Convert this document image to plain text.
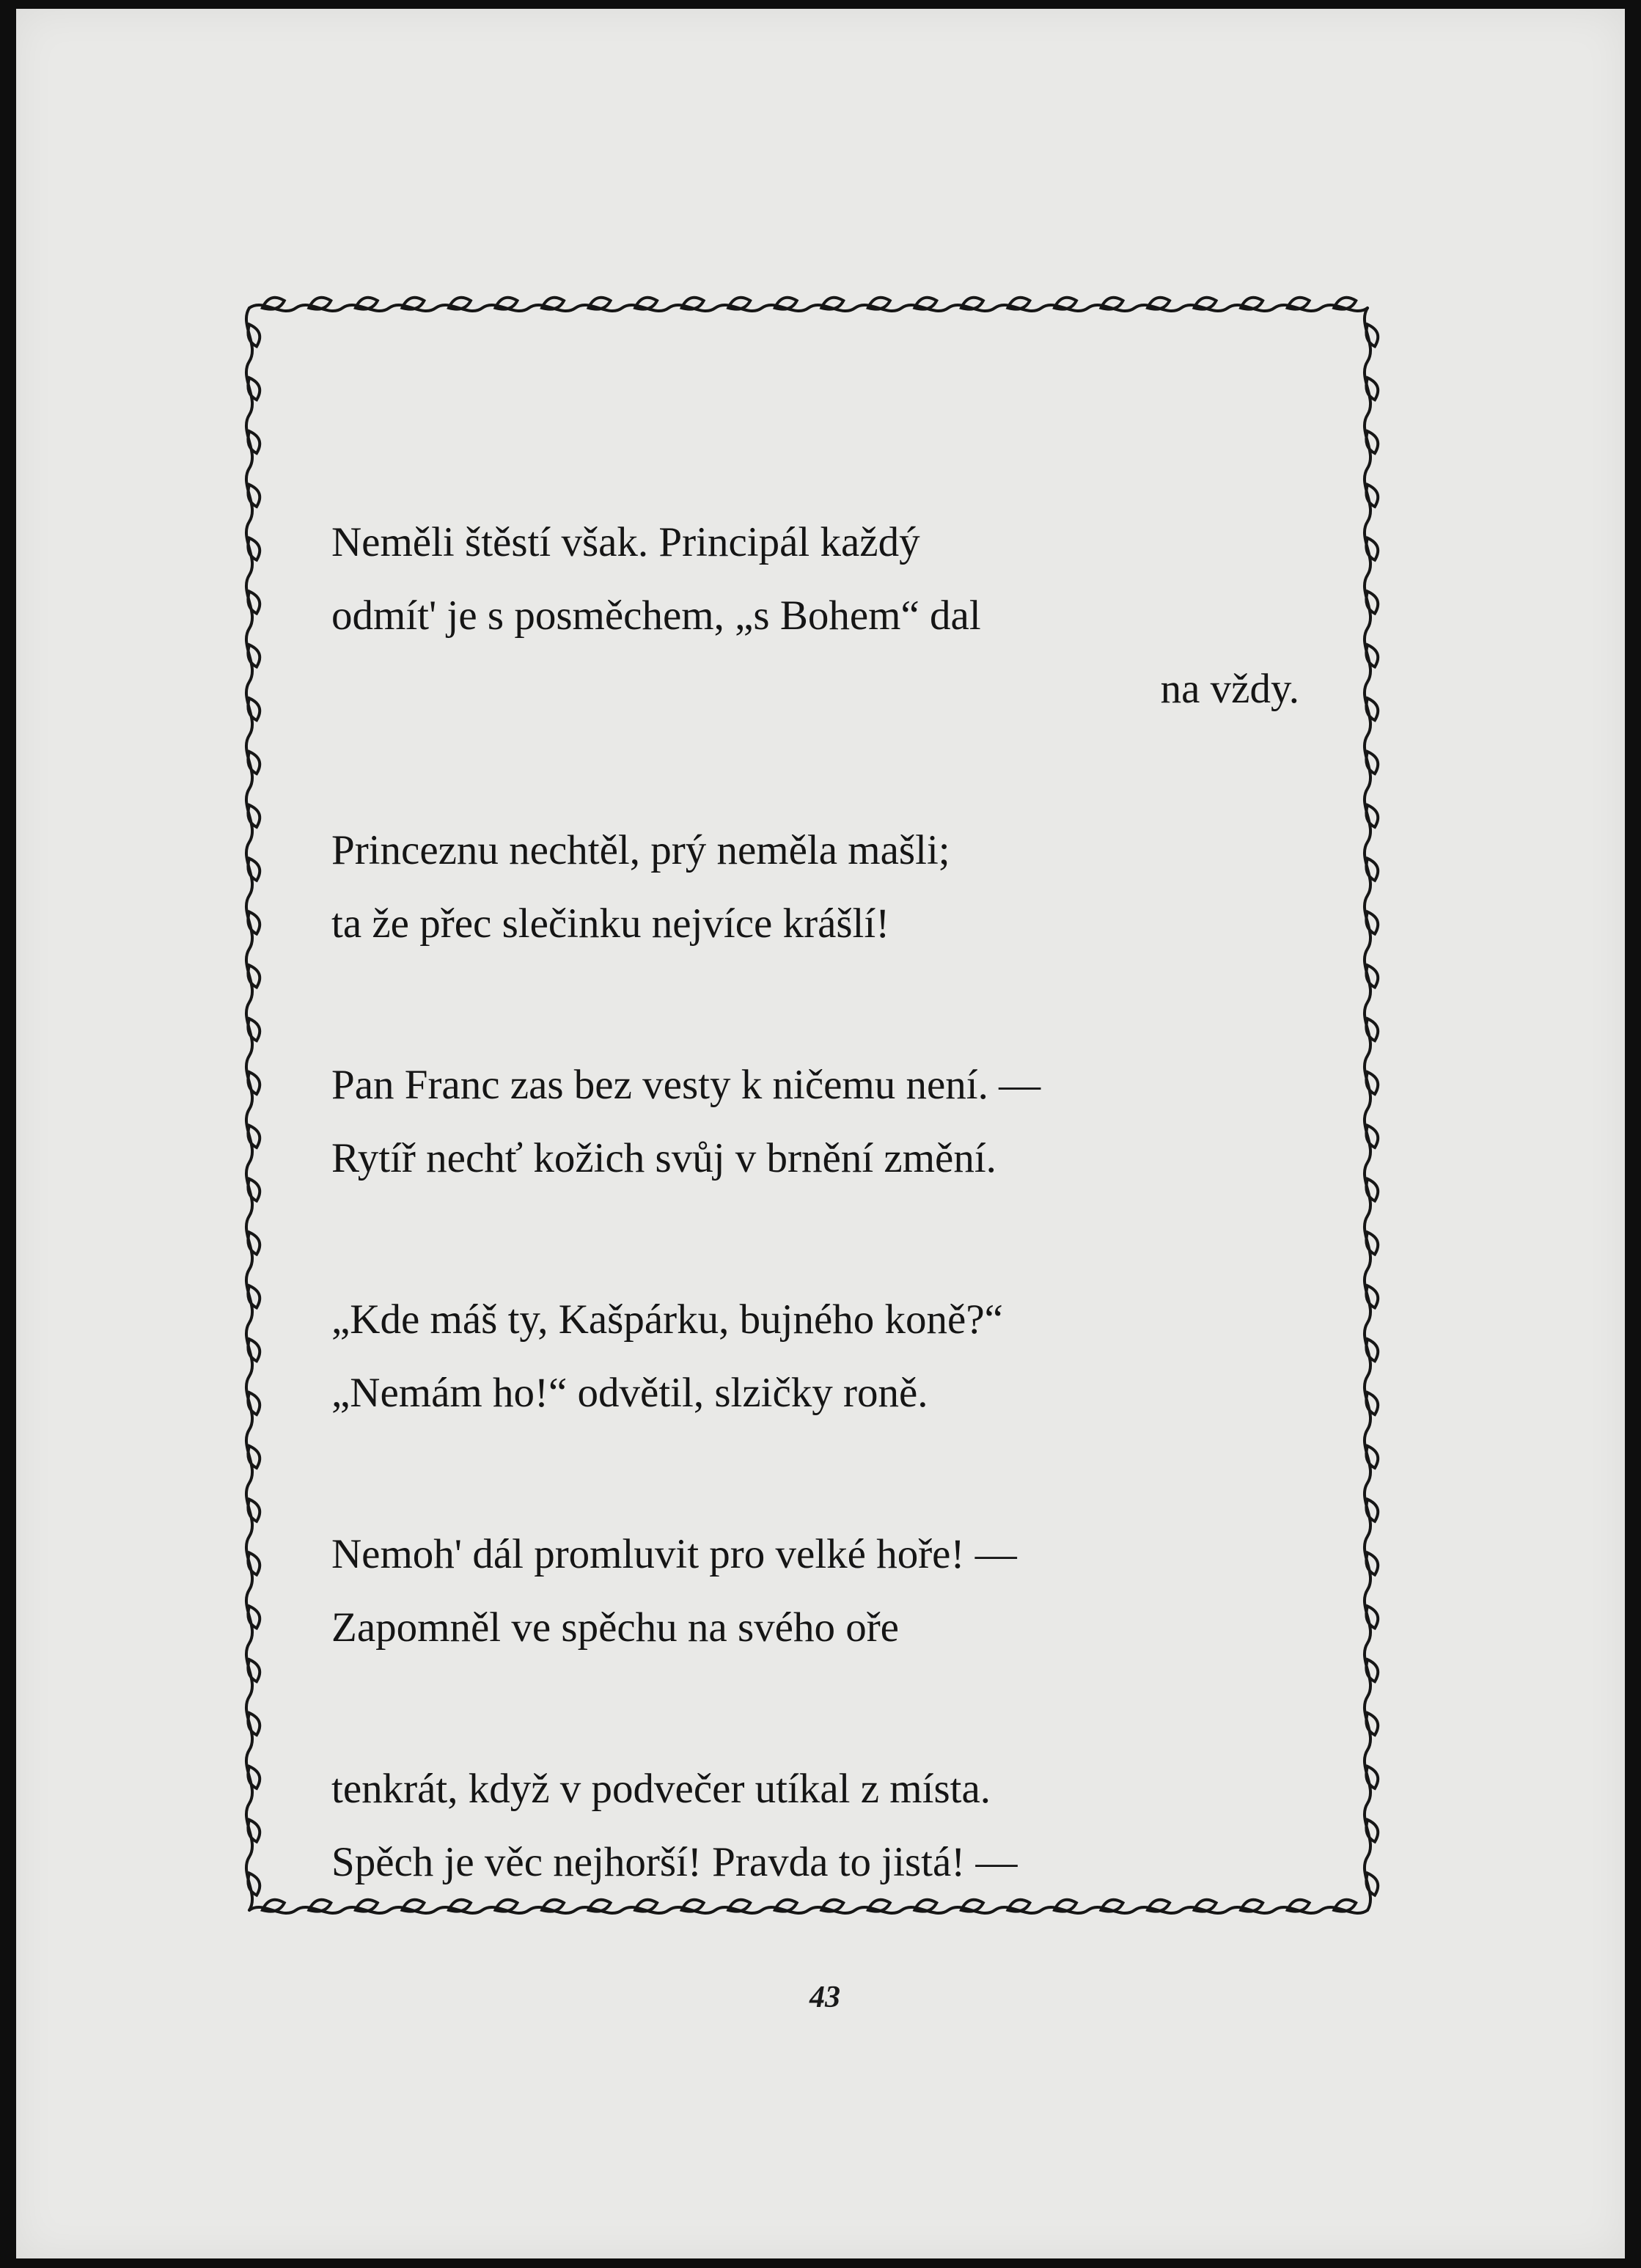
Neměli štěstí však. Principál každý
odmít' je s posměchem, „s Bohem“ dal
na vždy.
Princeznu nechtěl, prý neměla mašli;
ta že přec slečinku nejvíce krášlí!
Pan Franc zas bez vesty k ničemu není. —
Rytíř nechť kožich svůj v brnění změní.
„Kde máš ty, Kašpárku, bujného koně?“
„Nemám ho!“ odvětil, slzičky roně.
Nemoh' dál promluvit pro velké hoře! —
Zapomněl ve spěchu na svého oře
tenkrát, když v podvečer utíkal z místa.
Spěch je věc nejhorší! Pravda to jistá! —
43
